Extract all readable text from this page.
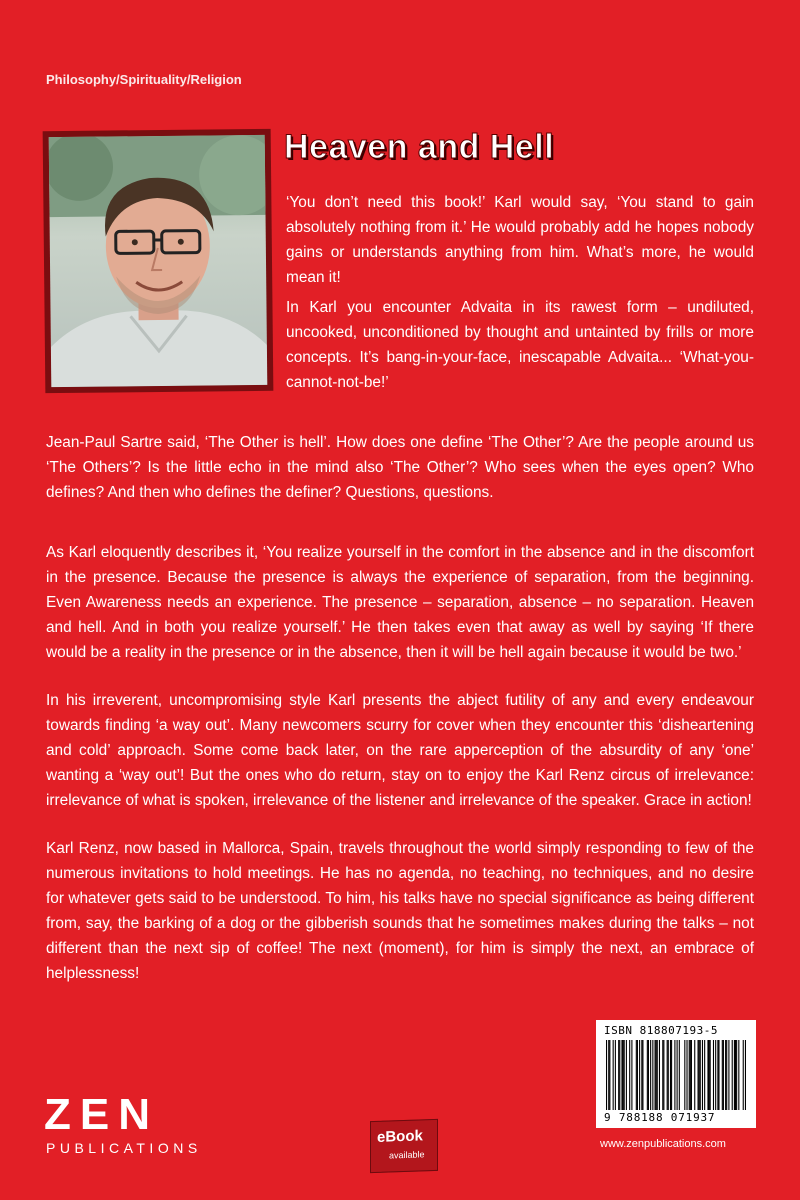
Philosophy/Spirituality/Religion
Heaven and Hell

‘You don’t need this book!’ Karl would say, ‘You stand to gain absolutely nothing from it.’ He would probably add he hopes nobody gains or understands anything from him. What’s more, he would mean it!

In Karl you encounter Advaita in its rawest form – undiluted, uncooked, unconditioned by thought and untainted by frills or more concepts. It’s bang-in-your-face, inescapable Advaita... ‘What-you-cannot-not-be!’

Jean-Paul Sartre said, ‘The Other is hell’. How does one define ‘The Other’? Are the people around us ‘The Others’? Is the little echo in the mind also ‘The Other’? Who sees when the eyes open? Who defines? And then who defines the definer? Questions, questions.

As Karl eloquently describes it, ‘You realize yourself in the comfort in the absence and in the discomfort in the presence. Because the presence is always the experience of separation, from the beginning. Even Awareness needs an experience. The presence – separation, absence – no separation. Heaven and hell. And in both you realize yourself.’ He then takes even that away as well by saying ‘If there would be a reality in the presence or in the absence, then it will be hell again because it would be two.’

In his irreverent, uncompromising style Karl presents the abject futility of any and every endeavour towards finding ‘a way out’. Many newcomers scurry for cover when they encounter this ‘disheartening and cold’ approach. Some come back later, on the rare apperception of the absurdity of any ‘one’ wanting a ‘way out’! But the ones who do return, stay on to enjoy the Karl Renz circus of irrelevance: irrelevance of what is spoken, irrelevance of the listener and irrelevance of the speaker. Grace in action!

Karl Renz, now based in Mallorca, Spain, travels throughout the world simply responding to few of the numerous invitations to hold meetings. He has no agenda, no teaching, no techniques, and no desire for whatever gets said to be understood. To him, his talks have no special significance as being different from, say, the barking of a dog or the gibberish sounds that he sometimes makes during the talks – not different than the next sip of coffee! The next (moment), for him is simply the next, an embrace of helplessness!

ZEN
PUBLICATIONS
eBook
available
ISBN 818807193-5
9 788188 071937
www.zenpublications.com
